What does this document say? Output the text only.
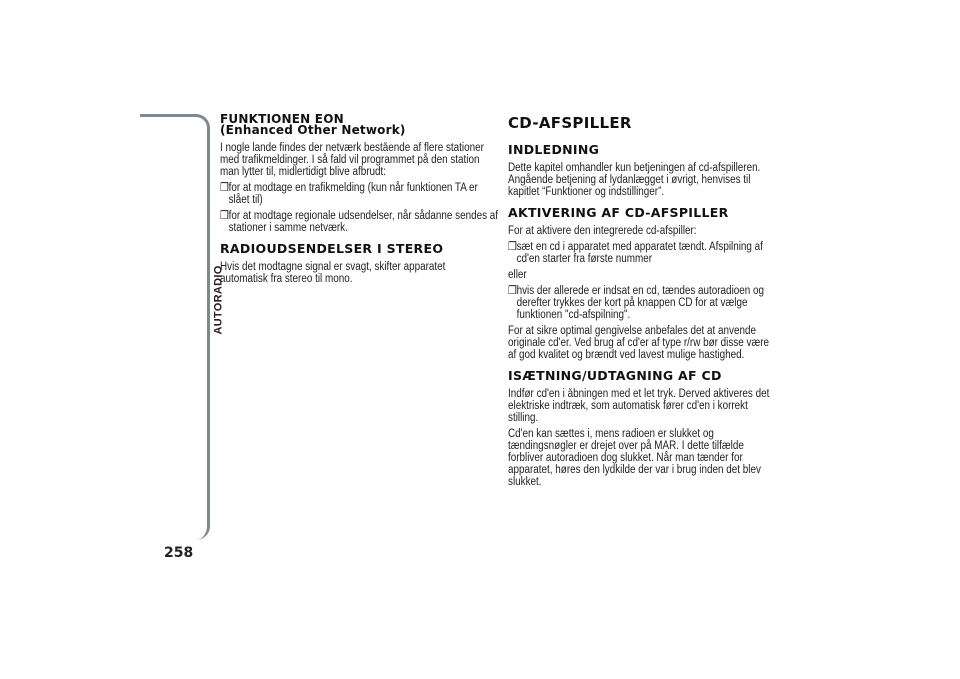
AUTORADIO
258
FUNKTIONEN EON
(Enhanced Other Network)

I nogle lande findes der netværk bestående af flere stationer med trafikmeldinger. I så fald vil programmet på den station man lytter til, midlertidigt blive afbrudt:

❒ for at modtage en trafikmelding (kun når funktionen TA er slået til)

❒ for at modtage regionale udsendelser, når sådanne sendes af stationer i samme netværk.

RADIOUDSENDELSER I STEREO

Hvis det modtagne signal er svagt, skifter apparatet automatisk fra stereo til mono.

CD-AFSPILLER
INDLEDNING

Dette kapitel omhandler kun betjeningen af cd-afspilleren. Angående betjening af lydanlægget i øvrigt, henvises til kapitlet “Funktioner og indstillinger”.

AKTIVERING AF CD-AFSPILLER

For at aktivere den integrerede cd-afspiller:

❒ sæt en cd i apparatet med apparatet tændt. Afspilning af cd'en starter fra første nummer

eller

❒ hvis der allerede er indsat en cd, tændes autoradioen og derefter trykkes der kort på knappen CD for at vælge funktionen "cd-afspilning".

For at sikre optimal gengivelse anbefales det at anvende originale cd'er. Ved brug af cd'er af type r/rw bør disse være af god kvalitet og brændt ved lavest mulige hastighed.

ISÆTNING/UDTAGNING AF CD

Indfør cd'en i åbningen med et let tryk. Derved aktiveres det elektriske indtræk, som automatisk fører cd'en i korrekt stilling.

Cd'en kan sættes i, mens radioen er slukket og tændingsnøgler er drejet over på MAR. I dette tilfælde forbliver autoradioen dog slukket. Når man tænder for apparatet, høres den lydkilde der var i brug inden det blev slukket.
